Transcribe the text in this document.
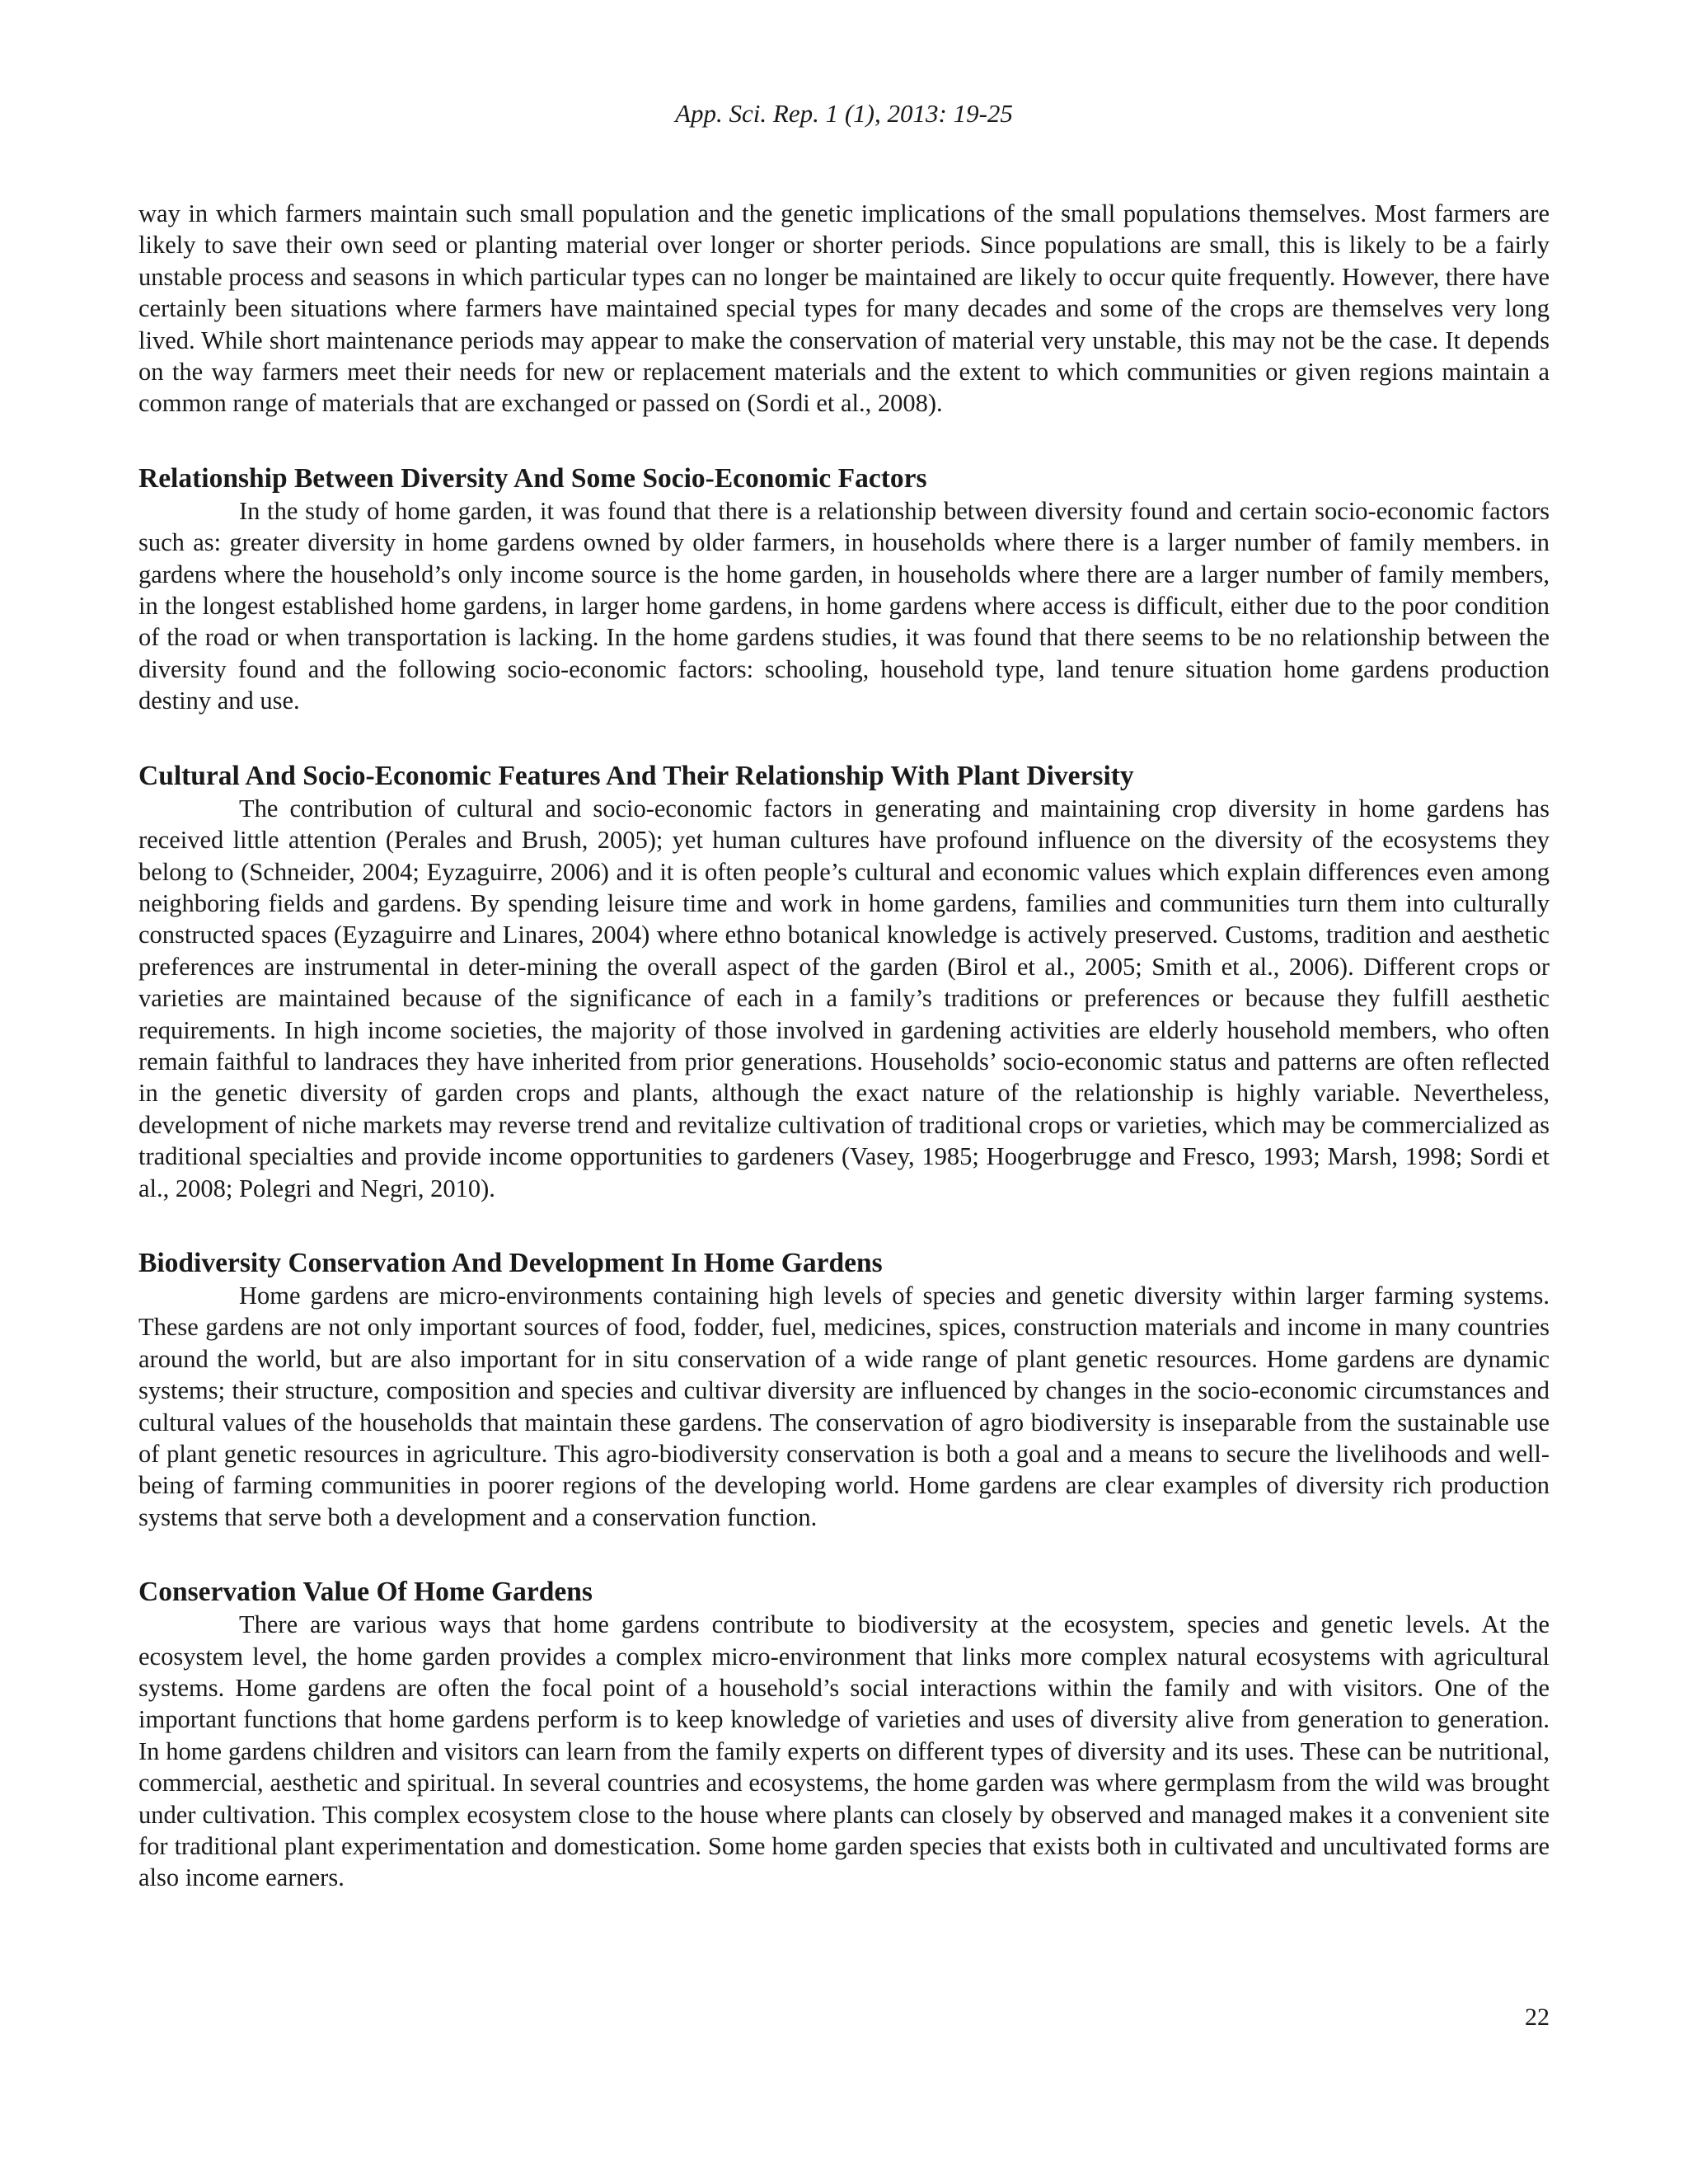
App. Sci. Rep. 1 (1), 2013: 19-25

way in which farmers maintain such small population and the genetic implications of the small populations themselves. Most farmers are likely to save their own seed or planting material over longer or shorter periods. Since populations are small, this is likely to be a fairly unstable process and seasons in which particular types can no longer be maintained are likely to occur quite frequently. However, there have certainly been situations where farmers have maintained special types for many decades and some of the crops are themselves very long lived. While short maintenance periods may appear to make the conservation of material very unstable, this may not be the case. It depends on the way farmers meet their needs for new or replacement materials and the extent to which communities or given regions maintain a common range of materials that are exchanged or passed on (Sordi et al., 2008).

Relationship Between Diversity And Some Socio-Economic Factors

In the study of home garden, it was found that there is a relationship between diversity found and certain socio-economic factors such as: greater diversity in home gardens owned by older farmers, in households where there is a larger number of family members. in gardens where the household’s only income source is the home garden, in households where there are a larger number of family members, in the longest established home gardens, in larger home gardens, in home gardens where access is difficult, either due to the poor condition of the road or when transportation is lacking. In the home gardens studies, it was found that there seems to be no relationship between the diversity found and the following socio-economic factors: schooling, household type, land tenure situation home gardens production destiny and use.

Cultural And Socio-Economic Features And Their Relationship With Plant Diversity

The contribution of cultural and socio-economic factors in generating and maintaining crop diversity in home gardens has received little attention (Perales and Brush, 2005); yet human cultures have profound influence on the diversity of the ecosystems they belong to (Schneider, 2004; Eyzaguirre, 2006) and it is often people’s cultural and economic values which explain differences even among neighboring fields and gardens. By spending leisure time and work in home gardens, families and communities turn them into culturally constructed spaces (Eyzaguirre and Linares, 2004) where ethno botanical knowledge is actively preserved. Customs, tradition and aesthetic preferences are instrumental in deter-mining the overall aspect of the garden (Birol et al., 2005; Smith et al., 2006). Different crops or varieties are maintained because of the significance of each in a family’s traditions or preferences or because they fulfill aesthetic requirements. In high income societies, the majority of those involved in gardening activities are elderly household members, who often remain faithful to landraces they have inherited from prior generations. Households’ socio-economic status and patterns are often reflected in the genetic diversity of garden crops and plants, although the exact nature of the relationship is highly variable. Nevertheless, development of niche markets may reverse trend and revitalize cultivation of traditional crops or varieties, which may be commercialized as traditional specialties and provide income opportunities to gardeners (Vasey, 1985; Hoogerbrugge and Fresco, 1993; Marsh, 1998; Sordi et al., 2008; Polegri and Negri, 2010).

Biodiversity Conservation And Development In Home Gardens

Home gardens are micro-environments containing high levels of species and genetic diversity within larger farming systems. These gardens are not only important sources of food, fodder, fuel, medicines, spices, construction materials and income in many countries around the world, but are also important for in situ conservation of a wide range of plant genetic resources. Home gardens are dynamic systems; their structure, composition and species and cultivar diversity are influenced by changes in the socio-economic circumstances and cultural values of the households that maintain these gardens. The conservation of agro biodiversity is inseparable from the sustainable use of plant genetic resources in agriculture. This agro-biodiversity conservation is both a goal and a means to secure the livelihoods and well-being of farming communities in poorer regions of the developing world. Home gardens are clear examples of diversity rich production systems that serve both a development and a conservation function.

Conservation Value Of Home Gardens

There are various ways that home gardens contribute to biodiversity at the ecosystem, species and genetic levels. At the ecosystem level, the home garden provides a complex micro-environment that links more complex natural ecosystems with agricultural systems. Home gardens are often the focal point of a household’s social interactions within the family and with visitors. One of the important functions that home gardens perform is to keep knowledge of varieties and uses of diversity alive from generation to generation. In home gardens children and visitors can learn from the family experts on different types of diversity and its uses. These can be nutritional, commercial, aesthetic and spiritual. In several countries and ecosystems, the home garden was where germplasm from the wild was brought under cultivation. This complex ecosystem close to the house where plants can closely by observed and managed makes it a convenient site for traditional plant experimentation and domestication. Some home garden species that exists both in cultivated and uncultivated forms are also income earners.

22
